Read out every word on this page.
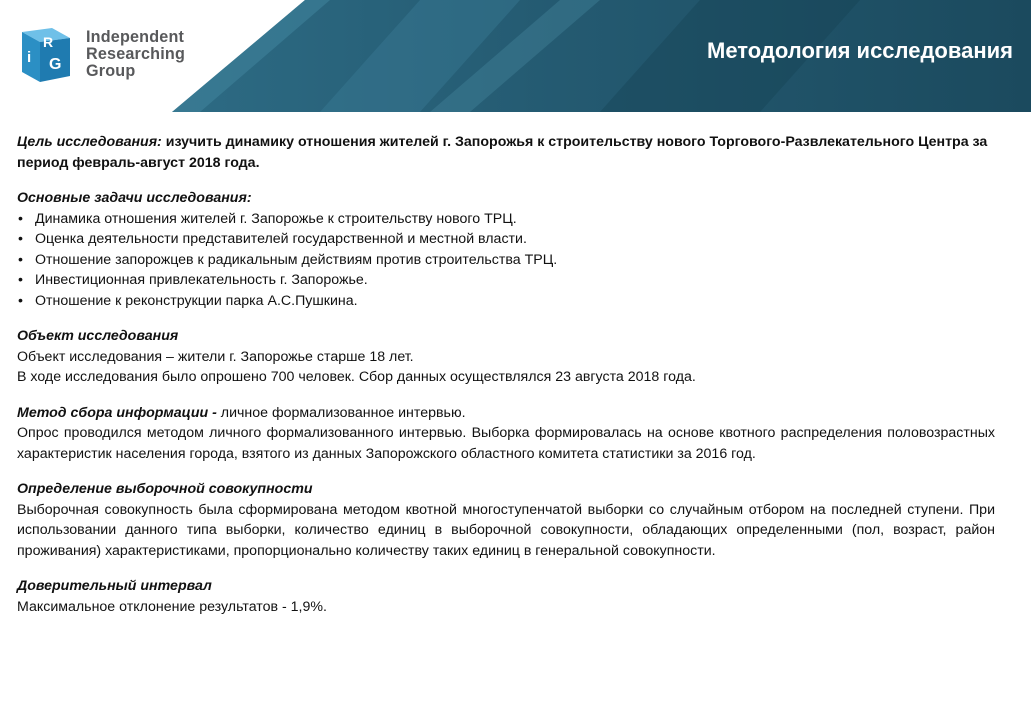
i
R
G
Independent
Researching
Group
Методология исследования

Цель исследования: изучить динамику отношения жителей г. Запорожья к строительству нового Торгового-Развлекательного Центра за период февраль-август 2018 года.

Основные задачи исследования:

• Динамика отношения жителей г. Запорожье к строительству нового ТРЦ.
• Оценка деятельности представителей государственной и местной власти.
• Отношение запорожцев к радикальным действиям против строительства ТРЦ.
• Инвестиционная привлекательность г. Запорожье.
• Отношение к реконструкции парка А.С.Пушкина.

Объект исследования

Объект исследования – жители г. Запорожье старше 18 лет.

В ходе исследования было опрошено 700 человек. Сбор данных осуществлялся 23 августа 2018 года.

Метод сбора информации - личное формализованное интервью.

Опрос проводился методом личного формализованного интервью. Выборка формировалась на основе квотного распределения половозрастных характеристик населения города, взятого из данных Запорожского областного комитета статистики за 2016 год.

Определение выборочной совокупности

Выборочная совокупность была сформирована методом квотной многоступенчатой выборки со случайным отбором на последней ступени. При использовании данного типа выборки, количество единиц в выборочной совокупности, обладающих определенными (пол, возраст, район проживания) характеристиками, пропорционально количеству таких единиц в генеральной совокупности.

Доверительный интервал

Максимальное отклонение результатов - 1,9%.
